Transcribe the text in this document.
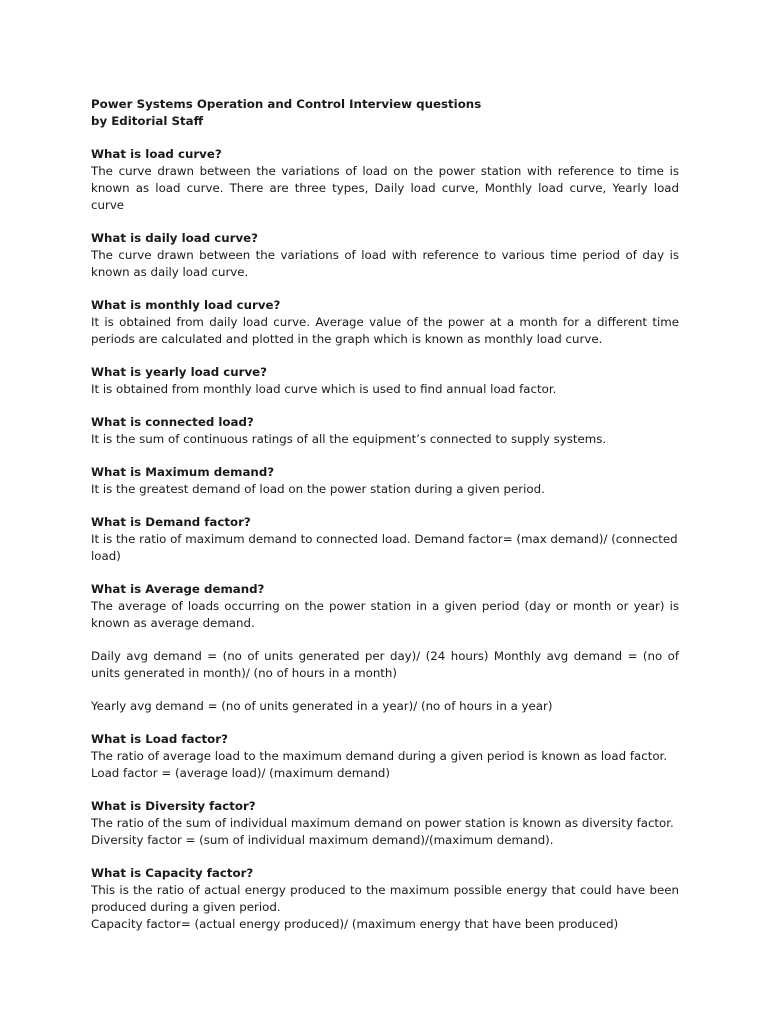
Power Systems Operation and Control Interview questions
by Editorial Staff
What is load curve?
The curve drawn between the variations of load on the power station with reference to time is known as load curve. There are three types, Daily load curve, Monthly load curve, Yearly load curve
What is daily load curve?
The curve drawn between the variations of load with reference to various time period of day is known as daily load curve.
What is monthly load curve?
It is obtained from daily load curve. Average value of the power at a month for a different time periods are calculated and plotted in the graph which is known as monthly load curve.
What is yearly load curve?
It is obtained from monthly load curve which is used to find annual load factor.
What is connected load?
It is the sum of continuous ratings of all the equipment’s connected to supply systems.
What is Maximum demand?
It is the greatest demand of load on the power station during a given period.
What is Demand factor?
It is the ratio of maximum demand to connected load. Demand factor= (max demand)/ (connected load)
What is Average demand?
The average of loads occurring on the power station in a given period (day or month or year) is known as average demand.
Daily avg demand = (no of units generated per day)/ (24 hours) Monthly avg demand = (no of units generated in month)/ (no of hours in a month)
Yearly avg demand = (no of units generated in a year)/ (no of hours in a year)
What is Load factor?
The ratio of average load to the maximum demand during a given period is known as load factor.
Load factor = (average load)/ (maximum demand)
What is Diversity factor?
The ratio of the sum of individual maximum demand on power station is known as diversity factor.
Diversity factor = (sum of individual maximum demand)/(maximum demand).
What is Capacity factor?
This is the ratio of actual energy produced to the maximum possible energy that could have been produced during a given period.
Capacity factor= (actual energy produced)/ (maximum energy that have been produced)
